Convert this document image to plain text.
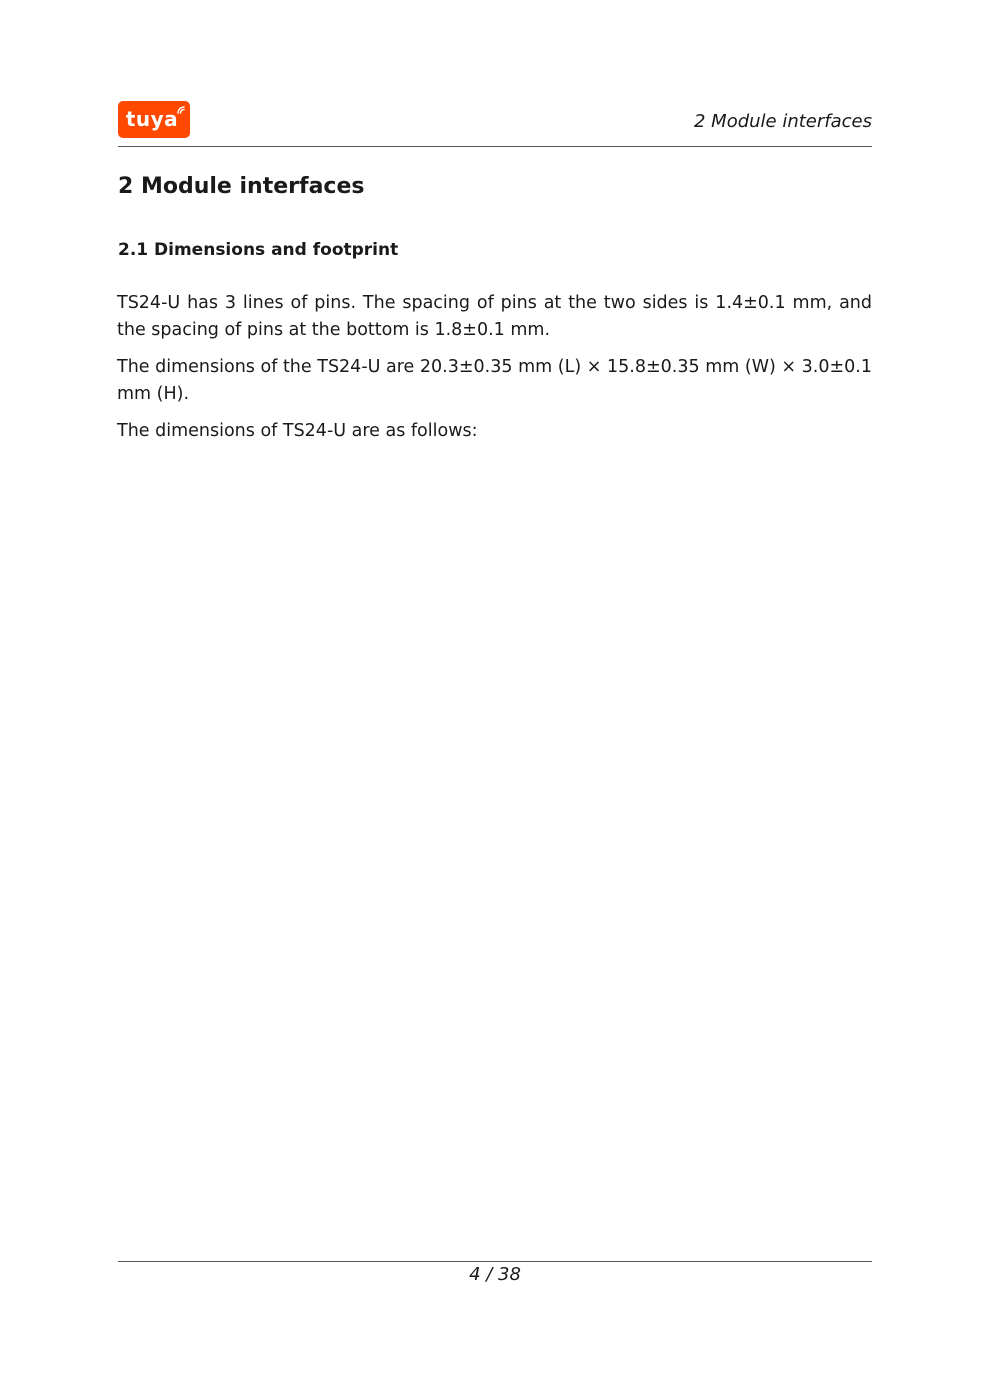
tuya	2 Module interfaces
2 Module interfaces
2.1 Dimensions and footprint

TS24-U has 3 lines of pins. The spacing of pins at the two sides is 1.4±0.1 mm, and the spacing of pins at the bottom is 1.8±0.1 mm.

The dimensions of the TS24-U are 20.3±0.35 mm (L) × 15.8±0.35 mm (W) × 3.0±0.1 mm (H).

The dimensions of TS24-U are as follows:

4 / 38
